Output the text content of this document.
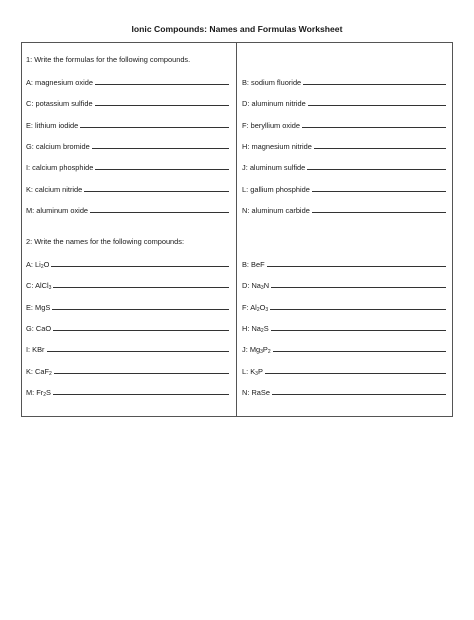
Ionic Compounds: Names and Formulas Worksheet
1: Write the formulas for the following compounds.
2: Write the names for the following compounds:
A: magnesium oxide
C: potassium sulfide
E: lithium iodide
G: calcium bromide
I: calcium phosphide
K: calcium nitride
M: aluminum oxide
B: sodium fluoride
D: aluminum nitride
F: beryllium oxide
H: magnesium nitride
J: aluminum sulfide
L: gallium phosphide
N: aluminum carbide
A: $Li_2O$
C: AlCl$_3$
E: MgS
G: CaO
I: KBr
K: CaF$_2$
M: $Fr_2S$
B: BeF
D: $Na_3N$
F: $Al_2O_3$
H: $Na_2S$
J: $Mg_3P_2$
L: $K_3P$
N: RaSe
